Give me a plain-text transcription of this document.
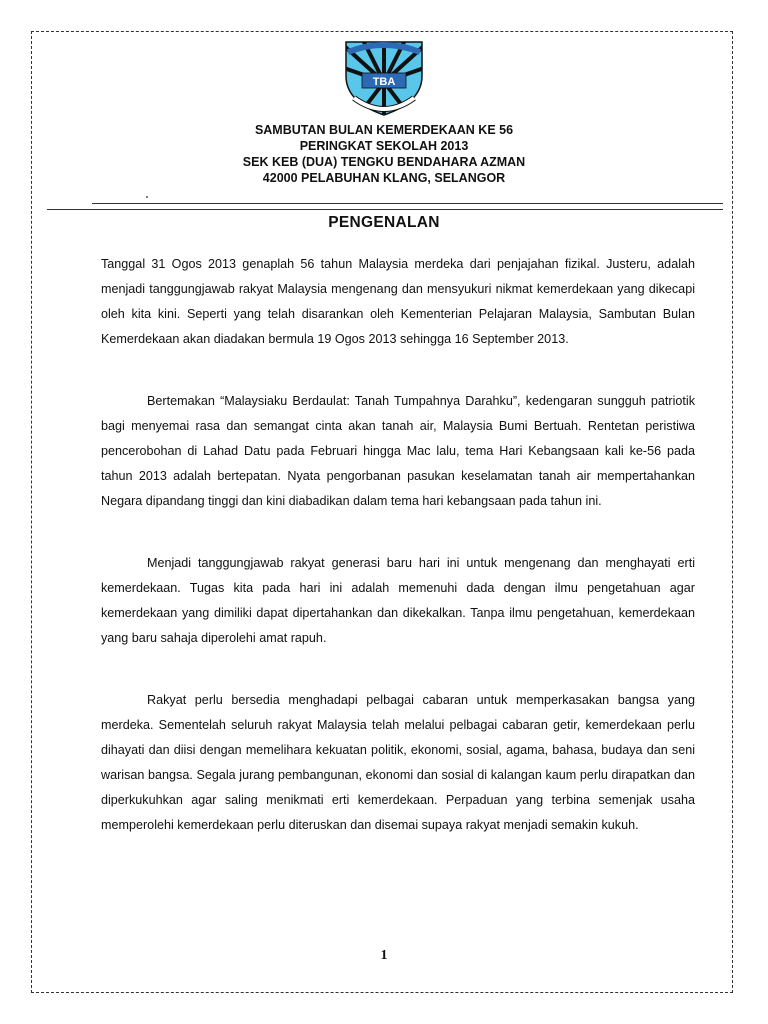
TBA
SAMBUTAN BULAN KEMERDEKAAN KE 56
PERINGKAT SEKOLAH 2013
SEK KEB (DUA) TENGKU BENDAHARA AZMAN
42000 PELABUHAN KLANG, SELANGOR
PENGENALAN

Tanggal 31 Ogos 2013 genaplah 56 tahun Malaysia merdeka dari penjajahan fizikal. Justeru, adalah menjadi tanggungjawab rakyat Malaysia mengenang dan mensyukuri nikmat kemerdekaan yang dikecapi oleh kita kini. Seperti yang telah disarankan oleh Kementerian Pelajaran Malaysia, Sambutan Bulan Kemerdekaan akan diadakan bermula 19 Ogos 2013 sehingga 16 September 2013.

Bertemakan “Malaysiaku Berdaulat: Tanah Tumpahnya Darahku”, kedengaran sungguh patriotik bagi menyemai rasa dan semangat cinta akan tanah air, Malaysia Bumi Bertuah. Rentetan peristiwa pencerobohan di Lahad Datu pada Februari hingga Mac lalu, tema Hari Kebangsaan kali ke-56 pada tahun 2013 adalah bertepatan. Nyata pengorbanan pasukan keselamatan tanah air mempertahankan Negara dipandang tinggi dan kini diabadikan dalam tema hari kebangsaan pada tahun ini.

Menjadi tanggungjawab rakyat generasi baru hari ini untuk mengenang dan menghayati erti kemerdekaan. Tugas kita pada hari ini adalah memenuhi dada dengan ilmu pengetahuan agar kemerdekaan yang dimiliki dapat dipertahankan dan dikekalkan. Tanpa ilmu pengetahuan, kemerdekaan yang baru sahaja diperolehi amat rapuh.

Rakyat perlu bersedia menghadapi pelbagai cabaran untuk memperkasakan bangsa yang merdeka. Sementelah seluruh rakyat Malaysia telah melalui pelbagai cabaran getir, kemerdekaan perlu dihayati dan diisi dengan memelihara kekuatan politik, ekonomi, sosial, agama, bahasa, budaya dan seni warisan bangsa. Segala jurang pembangunan, ekonomi dan sosial di kalangan kaum perlu dirapatkan dan diperkukuhkan agar saling menikmati erti kemerdekaan. Perpaduan yang terbina semenjak usaha memperolehi kemerdekaan perlu diteruskan dan disemai supaya rakyat menjadi semakin kukuh.

1
